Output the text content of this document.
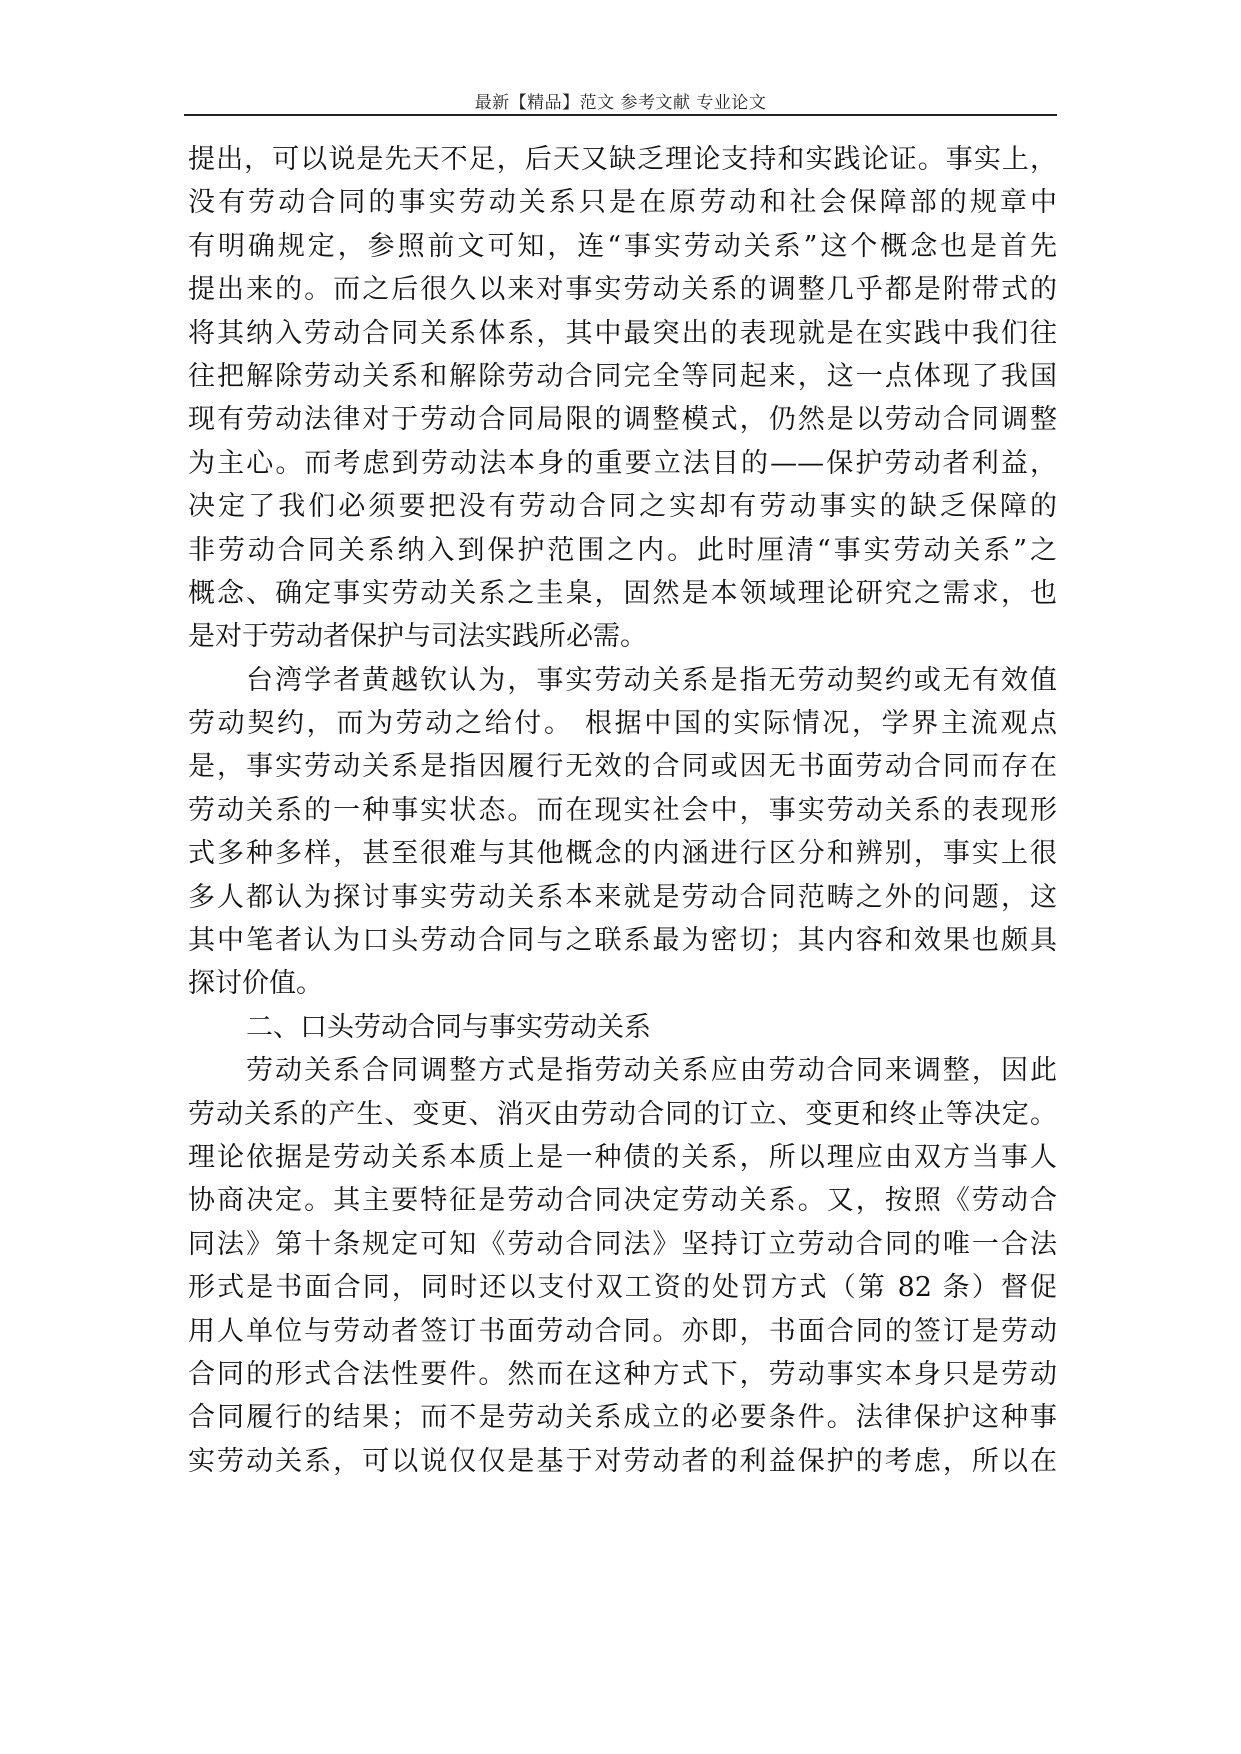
最新【精品】范文 参考文献 专业论文
提出，可以说是先天不足，后天又缺乏理论支持和实践论证。事实上，
没有劳动合同的事实劳动关系只是在原劳动和社会保障部的规章中
有明确规定，参照前文可知，连“事实劳动关系”这个概念也是首先
提出来的。而之后很久以来对事实劳动关系的调整几乎都是附带式的
将其纳入劳动合同关系体系，其中最突出的表现就是在实践中我们往
往把解除劳动关系和解除劳动合同完全等同起来，这一点体现了我国
现有劳动法律对于劳动合同局限的调整模式，仍然是以劳动合同调整
为主心。而考虑到劳动法本身的重要立法目的——保护劳动者利益，
决定了我们必须要把没有劳动合同之实却有劳动事实的缺乏保障的
非劳动合同关系纳入到保护范围之内。此时厘清“事实劳动关系”之
概念、确定事实劳动关系之圭臬，固然是本领域理论研究之需求，也
是对于劳动者保护与司法实践所必需。
台湾学者黄越钦认为，事实劳动关系是指无劳动契约或无有效值
劳动契约，而为劳动之给付。 根据中国的实际情况，学界主流观点
是，事实劳动关系是指因履行无效的合同或因无书面劳动合同而存在
劳动关系的一种事实状态。而在现实社会中，事实劳动关系的表现形
式多种多样，甚至很难与其他概念的内涵进行区分和辨别，事实上很
多人都认为探讨事实劳动关系本来就是劳动合同范畴之外的问题，这
其中笔者认为口头劳动合同与之联系最为密切；其内容和效果也颇具
探讨价值。
二、口头劳动合同与事实劳动关系
劳动关系合同调整方式是指劳动关系应由劳动合同来调整，因此
劳动关系的产生、变更、消灭由劳动合同的订立、变更和终止等决定。
理论依据是劳动关系本质上是一种债的关系，所以理应由双方当事人
协商决定。其主要特征是劳动合同决定劳动关系。又，按照《劳动合
同法》第十条规定可知《劳动合同法》坚持订立劳动合同的唯一合法
形式是书面合同，同时还以支付双工资的处罚方式（第 82 条）督促
用人单位与劳动者签订书面劳动合同。亦即，书面合同的签订是劳动
合同的形式合法性要件。然而在这种方式下，劳动事实本身只是劳动
合同履行的结果；而不是劳动关系成立的必要条件。法律保护这种事
实劳动关系，可以说仅仅是基于对劳动者的利益保护的考虑，所以在
